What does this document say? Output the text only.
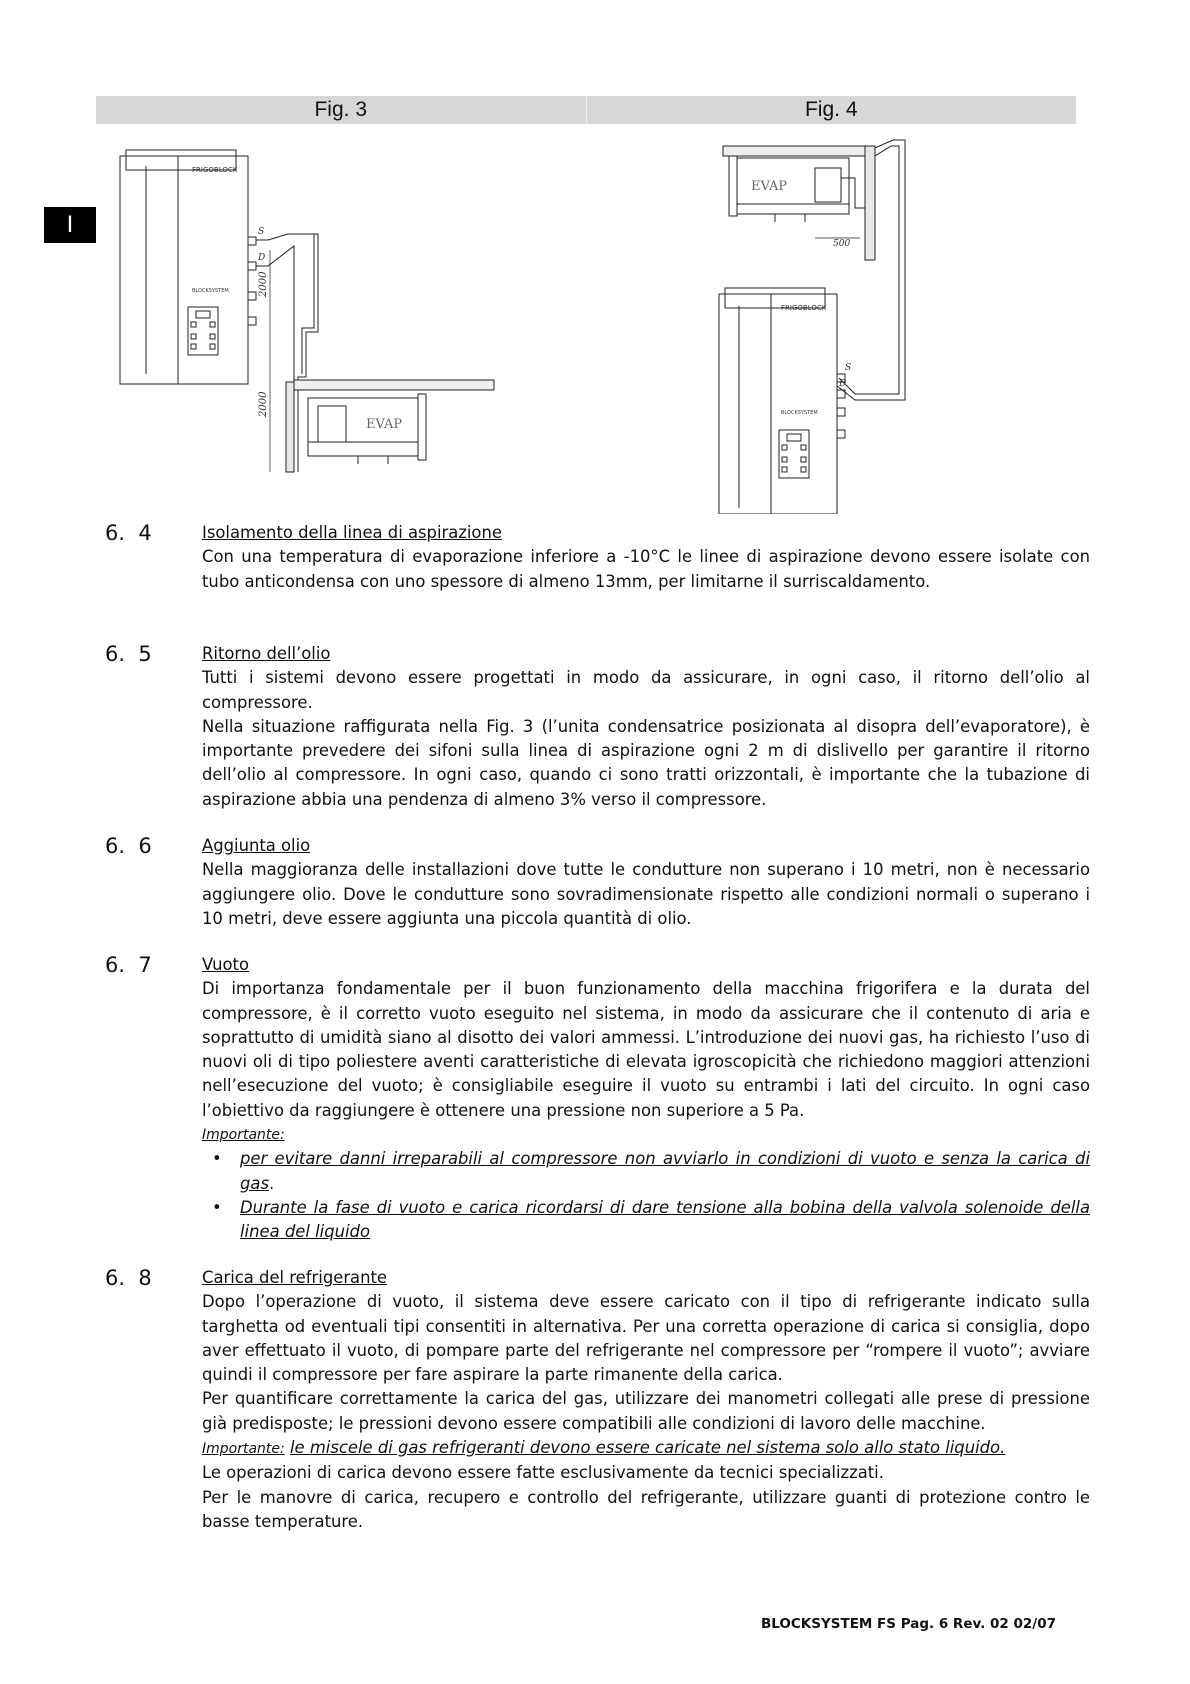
I
Fig. 3	Fig. 4
FRIGOBLOCK
BLOCKSYSTEM
S
D
2000
2000
EVAP
EVAP
500
S
D
FRIGOBLOCK
BLOCKSYSTEM
6.  4	Isolamento della linea di aspirazione

Con una temperatura di evaporazione inferiore a -10°C le linee di aspirazione devono essere isolate con tubo anticondensa con uno spessore di almeno 13mm, per limitarne il surriscaldamento.

6.  5	Ritorno dell’olio

Tutti i sistemi devono essere progettati in modo da assicurare, in ogni caso, il ritorno dell’olio al compressore.

Nella situazione raffigurata nella Fig. 3 (l’unita condensatrice posizionata al disopra dell’evaporatore), è importante prevedere dei sifoni sulla linea di aspirazione ogni 2 m di dislivello per garantire il ritorno dell’olio al compressore. In ogni caso, quando ci sono tratti orizzontali, è importante che la tubazione di aspirazione abbia una pendenza di almeno 3% verso il compressore.

6.  6	Aggiunta olio

Nella maggioranza delle installazioni dove tutte le condutture non superano i 10 metri, non è necessario aggiungere olio. Dove le condutture sono sovradimensionate rispetto alle condizioni normali o superano i 10 metri, deve essere aggiunta una piccola quantità di olio.

6.  7	Vuoto

Di importanza fondamentale per il buon funzionamento della macchina frigorifera e la durata del compressore, è il corretto vuoto eseguito nel sistema, in modo da assicurare che il contenuto di aria e soprattutto di umidità siano al disotto dei valori ammessi. L’introduzione dei nuovi gas, ha richiesto l’uso di nuovi oli di tipo poliestere aventi caratteristiche di elevata igroscopicità che richiedono maggiori attenzioni nell’esecuzione del vuoto; è consigliabile eseguire il vuoto su entrambi i lati del circuito. In ogni caso l’obiettivo da raggiungere è ottenere una pressione non superiore a 5 Pa.

Importante:
• per evitare danni irreparabili al compressore non avviarlo in condizioni di vuoto e senza la carica di gas.
• Durante la fase di vuoto e carica ricordarsi di dare tensione alla bobina della valvola solenoide della linea del liquido
6.  8	Carica del refrigerante

Dopo l’operazione di vuoto, il sistema deve essere caricato con il tipo di refrigerante indicato sulla targhetta od eventuali tipi consentiti in alternativa. Per una corretta operazione di carica si consiglia, dopo aver effettuato il vuoto, di pompare parte del refrigerante nel compressore per “rompere il vuoto”; avviare quindi il compressore per fare aspirare la parte rimanente della carica.

Per quantificare correttamente la carica del gas, utilizzare dei manometri collegati alle prese di pressione già predisposte; le pressioni devono essere compatibili alle condizioni di lavoro delle macchine.

Importante: le miscele di gas refrigeranti devono essere caricate nel sistema solo allo stato liquido.

Le operazioni di carica devono essere fatte esclusivamente da tecnici specializzati.

Per le manovre di carica, recupero e controllo del refrigerante, utilizzare guanti di protezione contro le basse temperature.

BLOCKSYSTEM FS Pag. 6 Rev. 02 02/07
